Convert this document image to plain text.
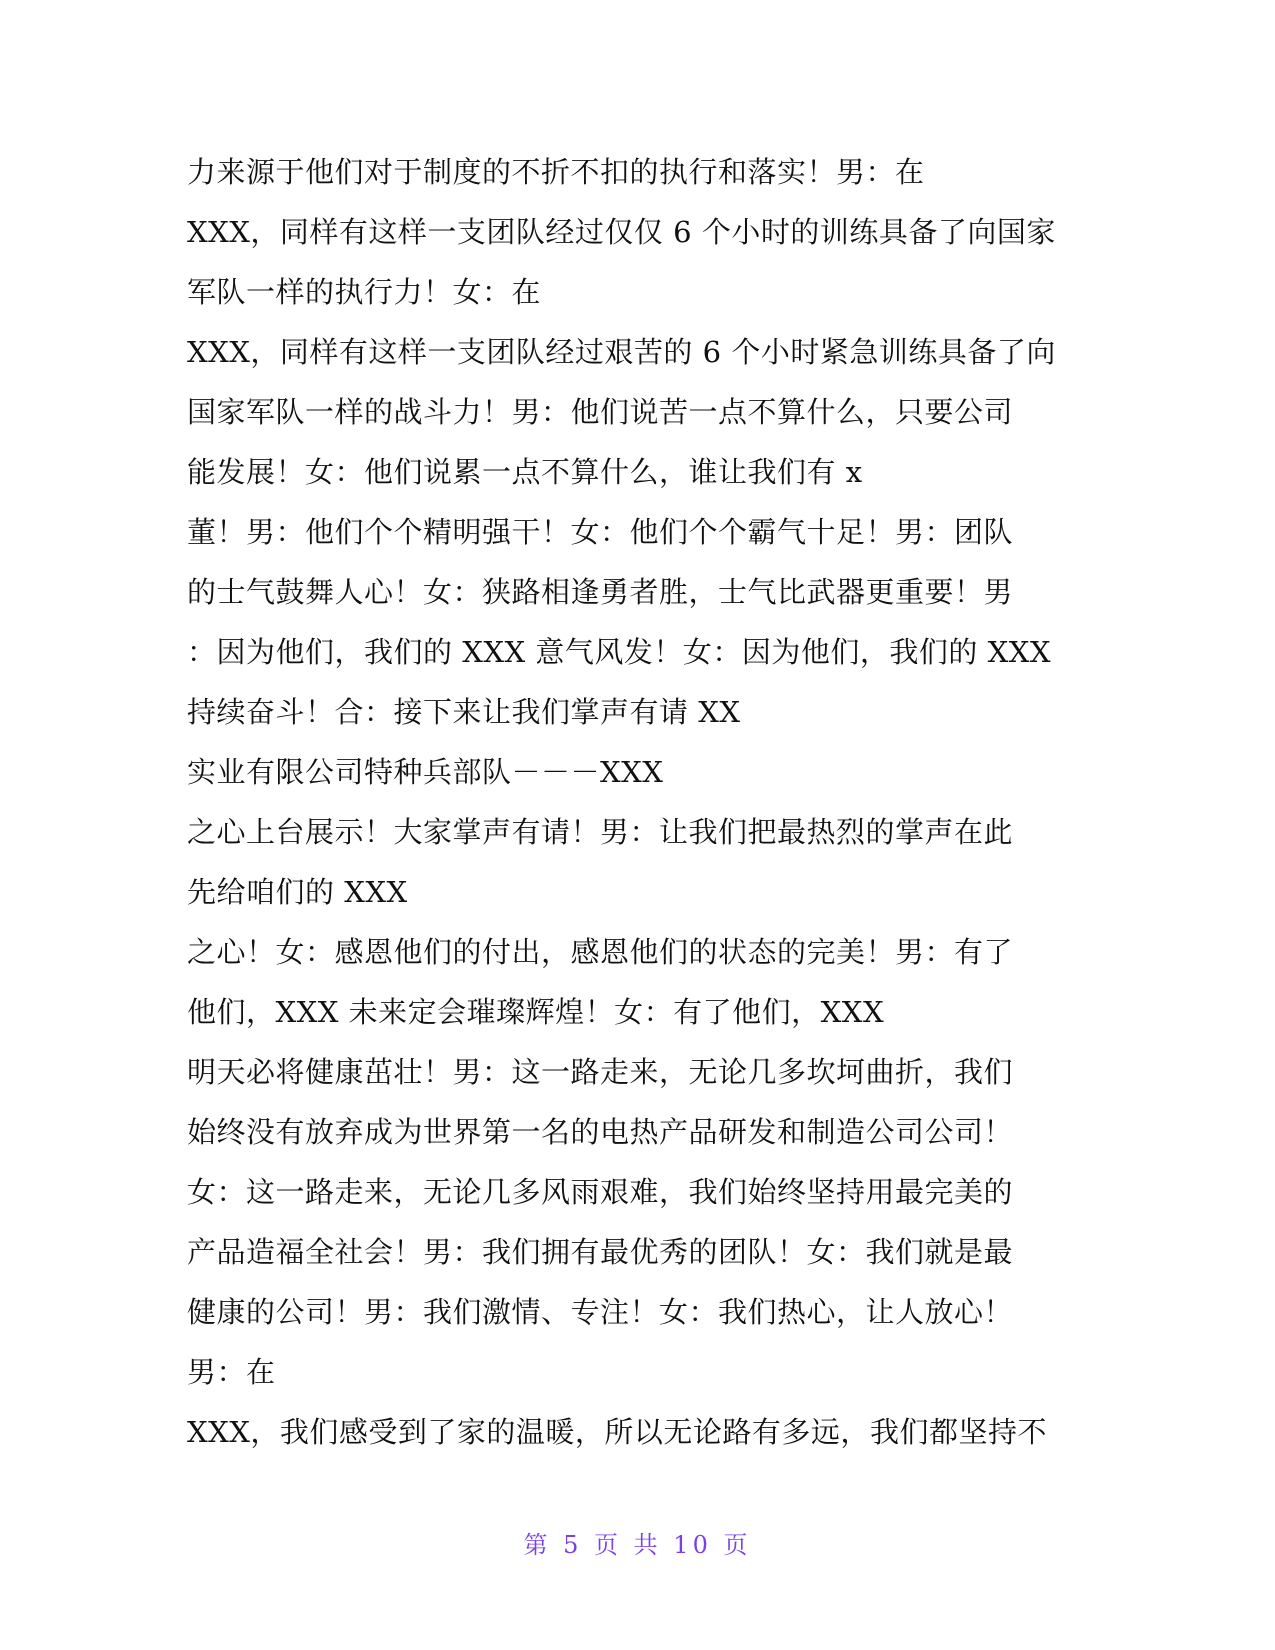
力来源于他们对于制度的不折不扣的执行和落实！男：在
XXX，同样有这样一支团队经过仅仅 6 个小时的训练具备了向国家
军队一样的执行力！女：在
XXX，同样有这样一支团队经过艰苦的 6 个小时紧急训练具备了向
国家军队一样的战斗力！男：他们说苦一点不算什么，只要公司
能发展！女：他们说累一点不算什么，谁让我们有 x
董！男：他们个个精明强干！女：他们个个霸气十足！男：团队
的士气鼓舞人心！女：狭路相逢勇者胜，士气比武器更重要！男
：因为他们，我们的 XXX 意气风发！女：因为他们，我们的 XXX
持续奋斗！合：接下来让我们掌声有请 XX
实业有限公司特种兵部队－－－XXX
之心上台展示！大家掌声有请！男：让我们把最热烈的掌声在此
先给咱们的 XXX
之心！女：感恩他们的付出，感恩他们的状态的完美！男：有了
他们，XXX 未来定会璀璨辉煌！女：有了他们，XXX
明天必将健康茁壮！男：这一路走来，无论几多坎坷曲折，我们
始终没有放弃成为世界第一名的电热产品研发和制造公司公司！
女：这一路走来，无论几多风雨艰难，我们始终坚持用最完美的
产品造福全社会！男：我们拥有最优秀的团队！女：我们就是最
健康的公司！男：我们激情、专注！女：我们热心，让人放心！
男：在
XXX，我们感受到了家的温暖，所以无论路有多远，我们都坚持不
第 5 页 共 10 页
